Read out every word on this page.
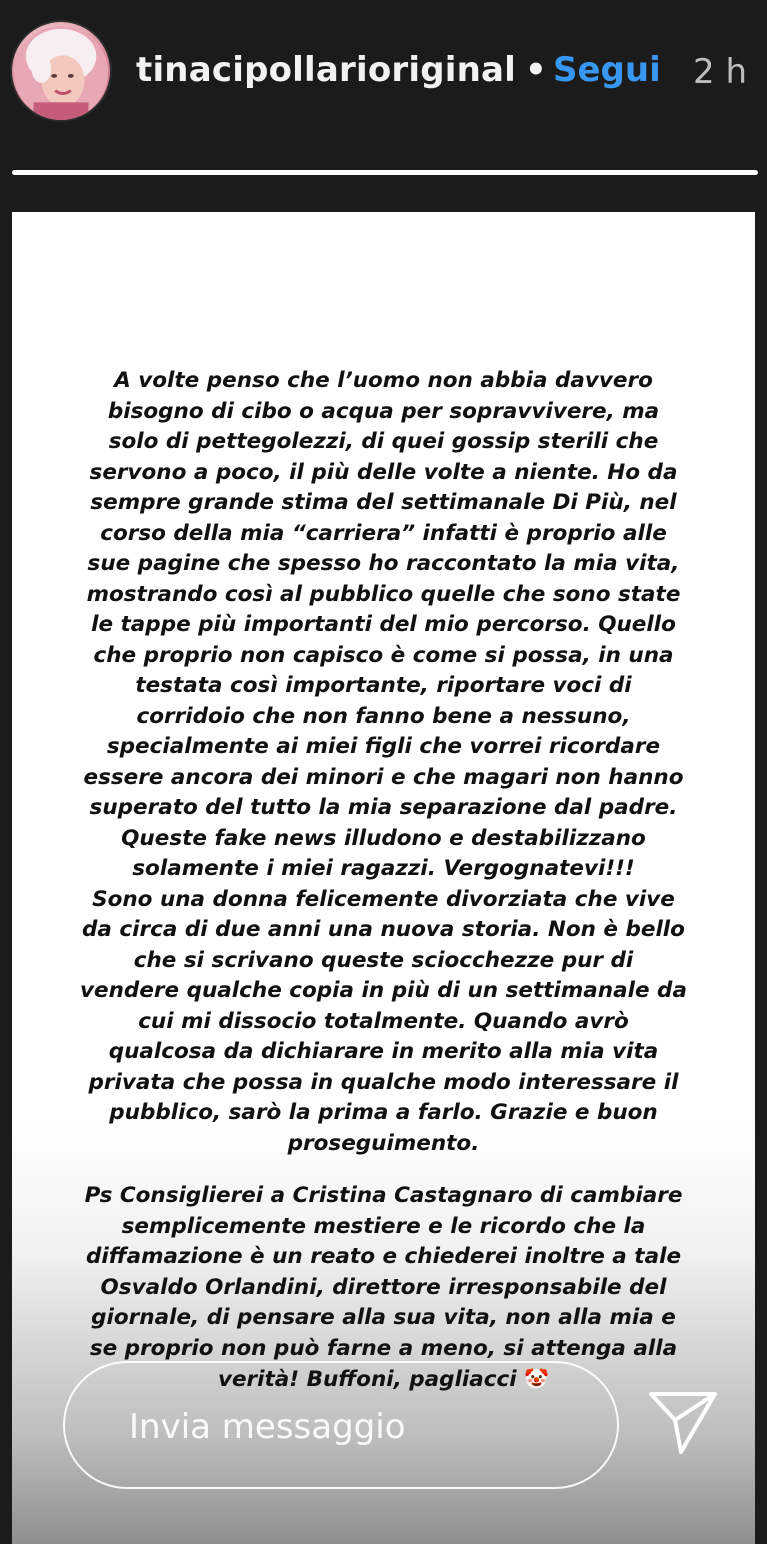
tinacipollarioriginal • Segui 2 h
A volte penso che l’uomo non abbia davvero
bisogno di cibo o acqua per sopravvivere, ma
solo di pettegolezzi, di quei gossip sterili che
servono a poco, il più delle volte a niente. Ho da
sempre grande stima del settimanale Di Più, nel
corso della mia “carriera” infatti è proprio alle
sue pagine che spesso ho raccontato la mia vita,
mostrando così al pubblico quelle che sono state
le tappe più importanti del mio percorso. Quello
che proprio non capisco è come si possa, in una
testata così importante, riportare voci di
corridoio che non fanno bene a nessuno,
specialmente ai miei figli che vorrei ricordare
essere ancora dei minori e che magari non hanno
superato del tutto la mia separazione dal padre.
Queste fake news illudono e destabilizzano
solamente i miei ragazzi. Vergognatevi!!!
Sono una donna felicemente divorziata che vive
da circa di due anni una nuova storia. Non è bello
che si scrivano queste sciocchezze pur di
vendere qualche copia in più di un settimanale da
cui mi dissocio totalmente. Quando avrò
qualcosa da dichiarare in merito alla mia vita
privata che possa in qualche modo interessare il
pubblico, sarò la prima a farlo. Grazie e buon
proseguimento.
Ps Consiglierei a Cristina Castagnaro di cambiare
semplicemente mestiere e le ricordo che la
diffamazione è un reato e chiederei inoltre a tale
Osvaldo Orlandini, direttore irresponsabile del
giornale, di pensare alla sua vita, non alla mia e
se proprio non può farne a meno, si attenga alla
verità! Buffoni, pagliacci 🤡
Invia messaggio
